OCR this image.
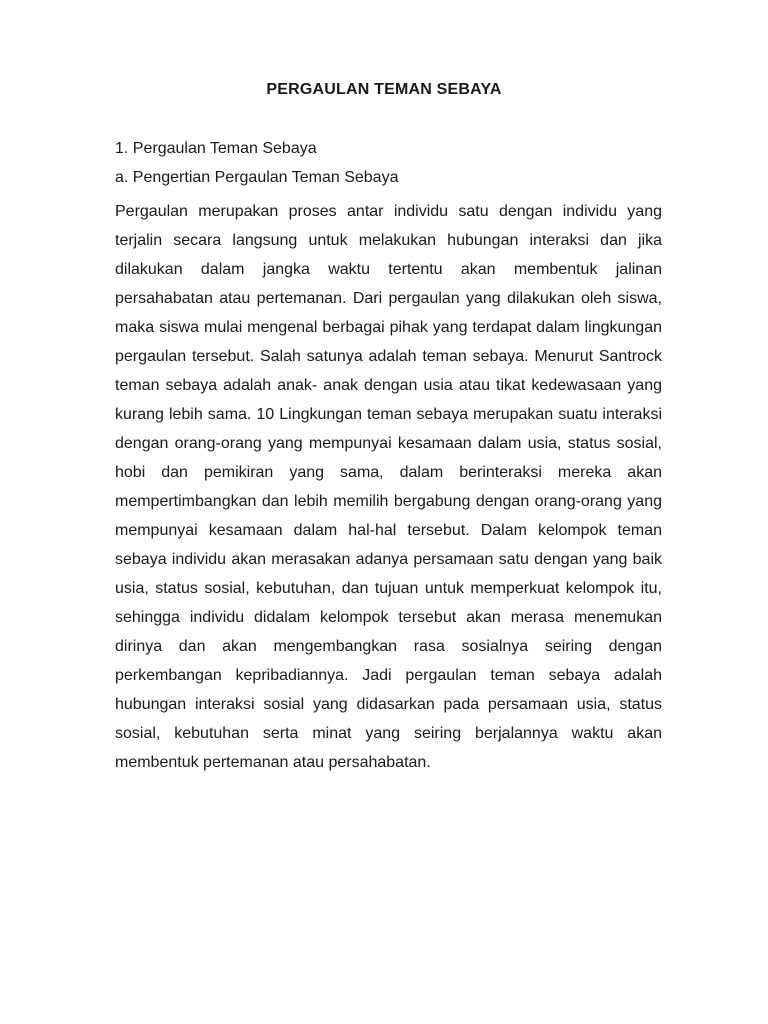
PERGAULAN TEMAN SEBAYA

1. Pergaulan Teman Sebaya

a. Pengertian Pergaulan Teman Sebaya

Pergaulan merupakan proses antar individu satu dengan individu yang terjalin secara langsung untuk melakukan hubungan interaksi dan jika dilakukan dalam jangka waktu tertentu akan membentuk jalinan persahabatan atau pertemanan. Dari pergaulan yang dilakukan oleh siswa, maka siswa mulai mengenal berbagai pihak yang terdapat dalam lingkungan pergaulan tersebut. Salah satunya adalah teman sebaya. Menurut Santrock teman sebaya adalah anak- anak dengan usia atau tikat kedewasaan yang kurang lebih sama. 10 Lingkungan teman sebaya merupakan suatu interaksi dengan orang-orang yang mempunyai kesamaan dalam usia, status sosial, hobi dan pemikiran yang sama, dalam berinteraksi mereka akan mempertimbangkan dan lebih memilih bergabung dengan orang-orang yang mempunyai kesamaan dalam hal-hal tersebut. Dalam kelompok teman sebaya individu akan merasakan adanya persamaan satu dengan yang baik usia, status sosial, kebutuhan, dan tujuan untuk memperkuat kelompok itu, sehingga individu didalam kelompok tersebut akan merasa menemukan dirinya dan akan mengembangkan rasa sosialnya seiring dengan perkembangan kepribadiannya. Jadi pergaulan teman sebaya adalah hubungan interaksi sosial yang didasarkan pada persamaan usia, status sosial, kebutuhan serta minat yang seiring berjalannya waktu akan membentuk pertemanan atau persahabatan.
